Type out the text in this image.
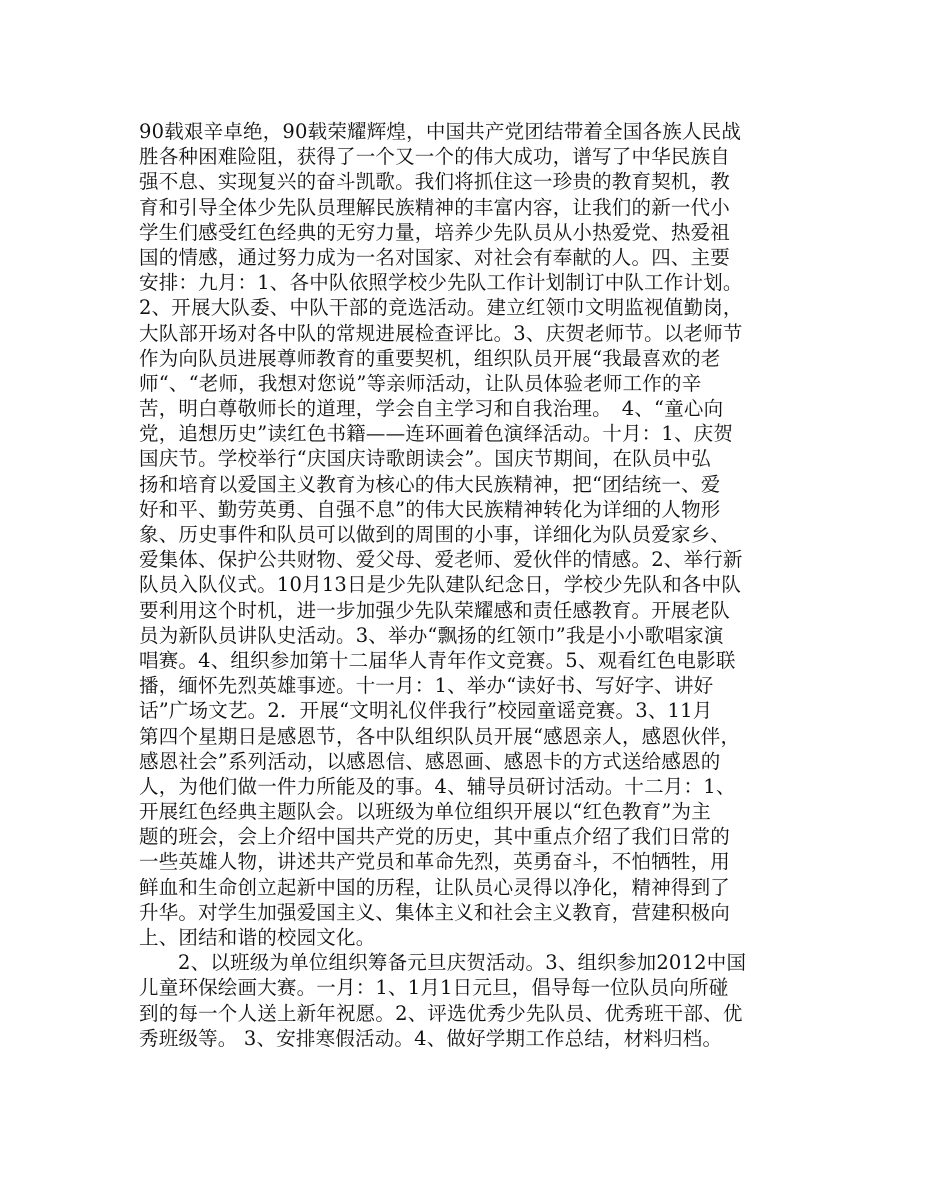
90载艰辛卓绝，90载荣耀辉煌，中国共产党团结带着全国各族人民战
胜各种困难险阻，获得了一个又一个的伟大成功，谱写了中华民族自
强不息、实现复兴的奋斗凯歌。我们将抓住这一珍贵的教育契机，教
育和引导全体少先队员理解民族精神的丰富内容，让我们的新一代小
学生们感受红色经典的无穷力量，培养少先队员从小热爱党、热爱祖
国的情感，通过努力成为一名对国家、对社会有奉献的人。四、主要
安排：九月：1、各中队依照学校少先队工作计划制订中队工作计划。
2、开展大队委、中队干部的竞选活动。建立红领巾文明监视值勤岗，
大队部开场对各中队的常规进展检查评比。3、庆贺老师节。以老师节
作为向队员进展尊师教育的重要契机，组织队员开展“我最喜欢的老
师“、“老师，我想对您说”等亲师活动，让队员体验老师工作的辛
苦，明白尊敬师长的道理，学会自主学习和自我治理。　4、“童心向
党，追想历史”读红色书籍——连环画着色演绎活动。十月：1、庆贺
国庆节。学校举行“庆国庆诗歌朗读会”。国庆节期间，在队员中弘
扬和培育以爱国主义教育为核心的伟大民族精神，把“团结统一、爱
好和平、勤劳英勇、自强不息”的伟大民族精神转化为详细的人物形
象、历史事件和队员可以做到的周围的小事，详细化为队员爱家乡、
爱集体、保护公共财物、爱父母、爱老师、爱伙伴的情感。2、举行新
队员入队仪式。10月13日是少先队建队纪念日，学校少先队和各中队
要利用这个时机，进一步加强少先队荣耀感和责任感教育。开展老队
员为新队员讲队史活动。3、举办“飘扬的红领巾”我是小小歌唱家演
唱赛。4、组织参加第十二届华人青年作文竞赛。5、观看红色电影联
播，缅怀先烈英雄事迹。十一月：1、举办“读好书、写好字、讲好
话”广场文艺。2．开展“文明礼仪伴我行”校园童谣竞赛。3、11月
第四个星期日是感恩节，各中队组织队员开展“感恩亲人，感恩伙伴，
感恩社会”系列活动，以感恩信、感恩画、感恩卡的方式送给感恩的
人，为他们做一件力所能及的事。4、辅导员研讨活动。十二月：1、
开展红色经典主题队会。以班级为单位组织开展以“红色教育”为主
题的班会，会上介绍中国共产党的历史，其中重点介绍了我们日常的
一些英雄人物，讲述共产党员和革命先烈，英勇奋斗，不怕牺牲，用
鲜血和生命创立起新中国的历程，让队员心灵得以净化，精神得到了
升华。对学生加强爱国主义、集体主义和社会主义教育，营建积极向
上、团结和谐的校园文化。
2、以班级为单位组织筹备元旦庆贺活动。3、组织参加2012中国
儿童环保绘画大赛。一月：1、1月1日元旦，倡导每一位队员向所碰
到的每一个人送上新年祝愿。2、评选优秀少先队员、优秀班干部、优
秀班级等。 3、安排寒假活动。4、做好学期工作总结，材料归档。
